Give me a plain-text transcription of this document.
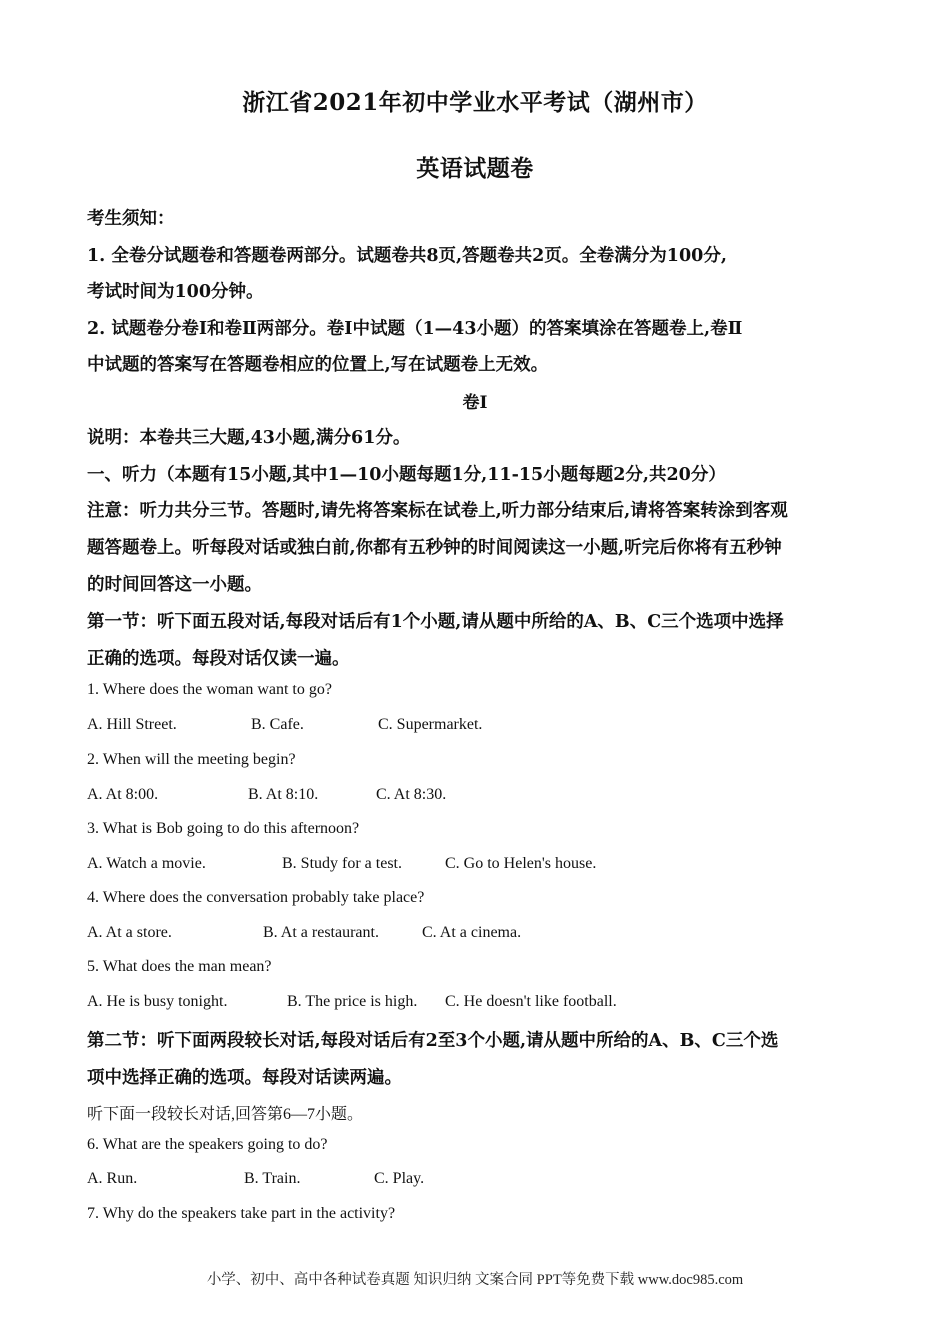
浙江省2021年初中学业水平考试（湖州市）
英语试题卷
考生须知：
1. 全卷分试题卷和答题卷两部分。试题卷共8页,答题卷共2页。全卷满分为100分,
考试时间为100分钟。
2. 试题卷分卷Ⅰ和卷Ⅱ两部分。卷Ⅰ中试题（1—43小题）的答案填涂在答题卷上,卷Ⅱ
中试题的答案写在答题卷相应的位置上,写在试题卷上无效。
卷I
说明：本卷共三大题,43小题,满分61分。
一、听力（本题有15小题,其中1—10小题每题1分,11-15小题每题2分,共20分）
注意：听力共分三节。答题时,请先将答案标在试卷上,听力部分结束后,请将答案转涂到客观
题答题卷上。听每段对话或独白前,你都有五秒钟的时间阅读这一小题,听完后你将有五秒钟
的时间回答这一小题。
第一节：听下面五段对话,每段对话后有1个小题,请从题中所给的A、B、C三个选项中选择
正确的选项。每段对话仅读一遍。
1. Where does the woman want to go?
A. Hill Street.	B. Cafe.	C. Supermarket.
2. When will the meeting begin?
A. At 8:00.	B. At 8:10.	C. At 8:30.
3. What is Bob going to do this afternoon?
A. Watch a movie.	B. Study for a test.	C. Go to Helen's house.
4. Where does the conversation probably take place?
A. At a store.	B. At a restaurant.	C. At a cinema.
5. What does the man mean?
A. He is busy tonight.	B. The price is high. C. He doesn't like football.
第二节：听下面两段较长对话,每段对话后有2至3个小题,请从题中所给的A、B、C三个选
项中选择正确的选项。每段对话读两遍。
听下面一段较长对话,回答第6—7小题。
6. What are the speakers going to do?
A. Run.	B. Train.	C. Play.
7. Why do the speakers take part in the activity?
小学、初中、高中各种试卷真题 知识归纳 文案合同 PPT等免费下载 www.doc985.com
